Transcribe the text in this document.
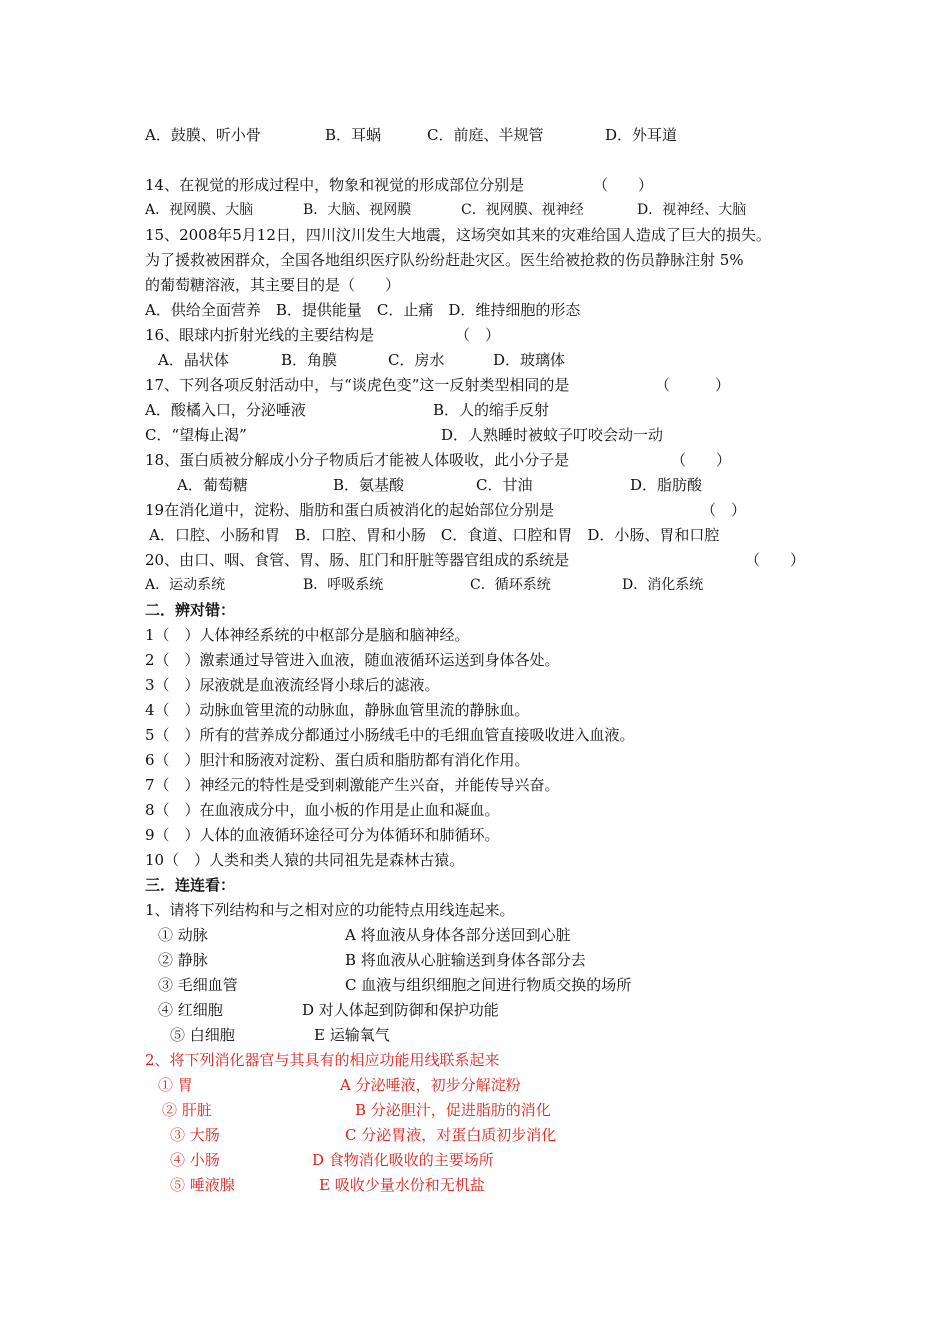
A．鼓膜、听小骨	B．耳蜗	C．前庭、半规管	D．外耳道
14、在视觉的形成过程中，物象和视觉的形成部位分别是	（　　）
A．视网膜、大脑	B．大脑、视网膜	C．视网膜、视神经	D．视神经、大脑
15、2008年5月12日，四川汶川发生大地震，这场突如其来的灾难给国人造成了巨大的损失。
为了援救被困群众，全国各地组织医疗队纷纷赶赴灾区。医生给被抢救的伤员静脉注射 5%
的葡萄糖溶液，其主要目的是（　　）
A．供给全面营养　B．提供能量　C．止痛　D．维持细胞的形态
16、眼球内折射光线的主要结构是	（　）
A．晶状体	B．角膜	C．房水	D．玻璃体
17、下列各项反射活动中，与“谈虎色变”这一反射类型相同的是	（　　　）
A．酸橘入口，分泌唾液	B．人的缩手反射
C．“望梅止渴”	D．人熟睡时被蚊子叮咬会动一动
18、蛋白质被分解成小分子物质后才能被人体吸收，此小分子是	（　　）
A．葡萄糖	B．氨基酸	C．甘油	D．脂肪酸
19在消化道中，淀粉、脂肪和蛋白质被消化的起始部位分别是	（　）
A．口腔、小肠和胃　B．口腔、胃和小肠　C．食道、口腔和胃　D．小肠、胃和口腔
20、由口、咽、食管、胃、肠、肛门和肝脏等器官组成的系统是	（　　）
A．运动系统	B．呼吸系统	C．循环系统	D．消化系统
二．辨对错：
1（　）人体神经系统的中枢部分是脑和脑神经。
2（　）激素通过导管进入血液，随血液循环运送到身体各处。
3（　）尿液就是血液流经肾小球后的滤液。
4（　）动脉血管里流的动脉血，静脉血管里流的静脉血。
5（　）所有的营养成分都通过小肠绒毛中的毛细血管直接吸收进入血液。
6（　）胆汁和肠液对淀粉、蛋白质和脂肪都有消化作用。
7（　）神经元的特性是受到刺激能产生兴奋，并能传导兴奋。
8（　）在血液成分中，血小板的作用是止血和凝血。
9（　）人体的血液循环途径可分为体循环和肺循环。
10（　）人类和类人猿的共同祖先是森林古猿。
三．连连看：
1、请将下列结构和与之相对应的功能特点用线连起来。
① 动脉	A 将血液从身体各部分送回到心脏
② 静脉	B 将血液从心脏输送到身体各部分去
③ 毛细血管	C 血液与组织细胞之间进行物质交换的场所
④ 红细胞	D 对人体起到防御和保护功能
⑤ 白细胞	E 运输氧气
2、将下列消化器官与其具有的相应功能用线联系起来
① 胃	A 分泌唾液，初步分解淀粉
② 肝脏	B 分泌胆汁，促进脂肪的消化
③ 大肠	C 分泌胃液，对蛋白质初步消化
④ 小肠	D 食物消化吸收的主要场所
⑤ 唾液腺	E 吸收少量水份和无机盐
